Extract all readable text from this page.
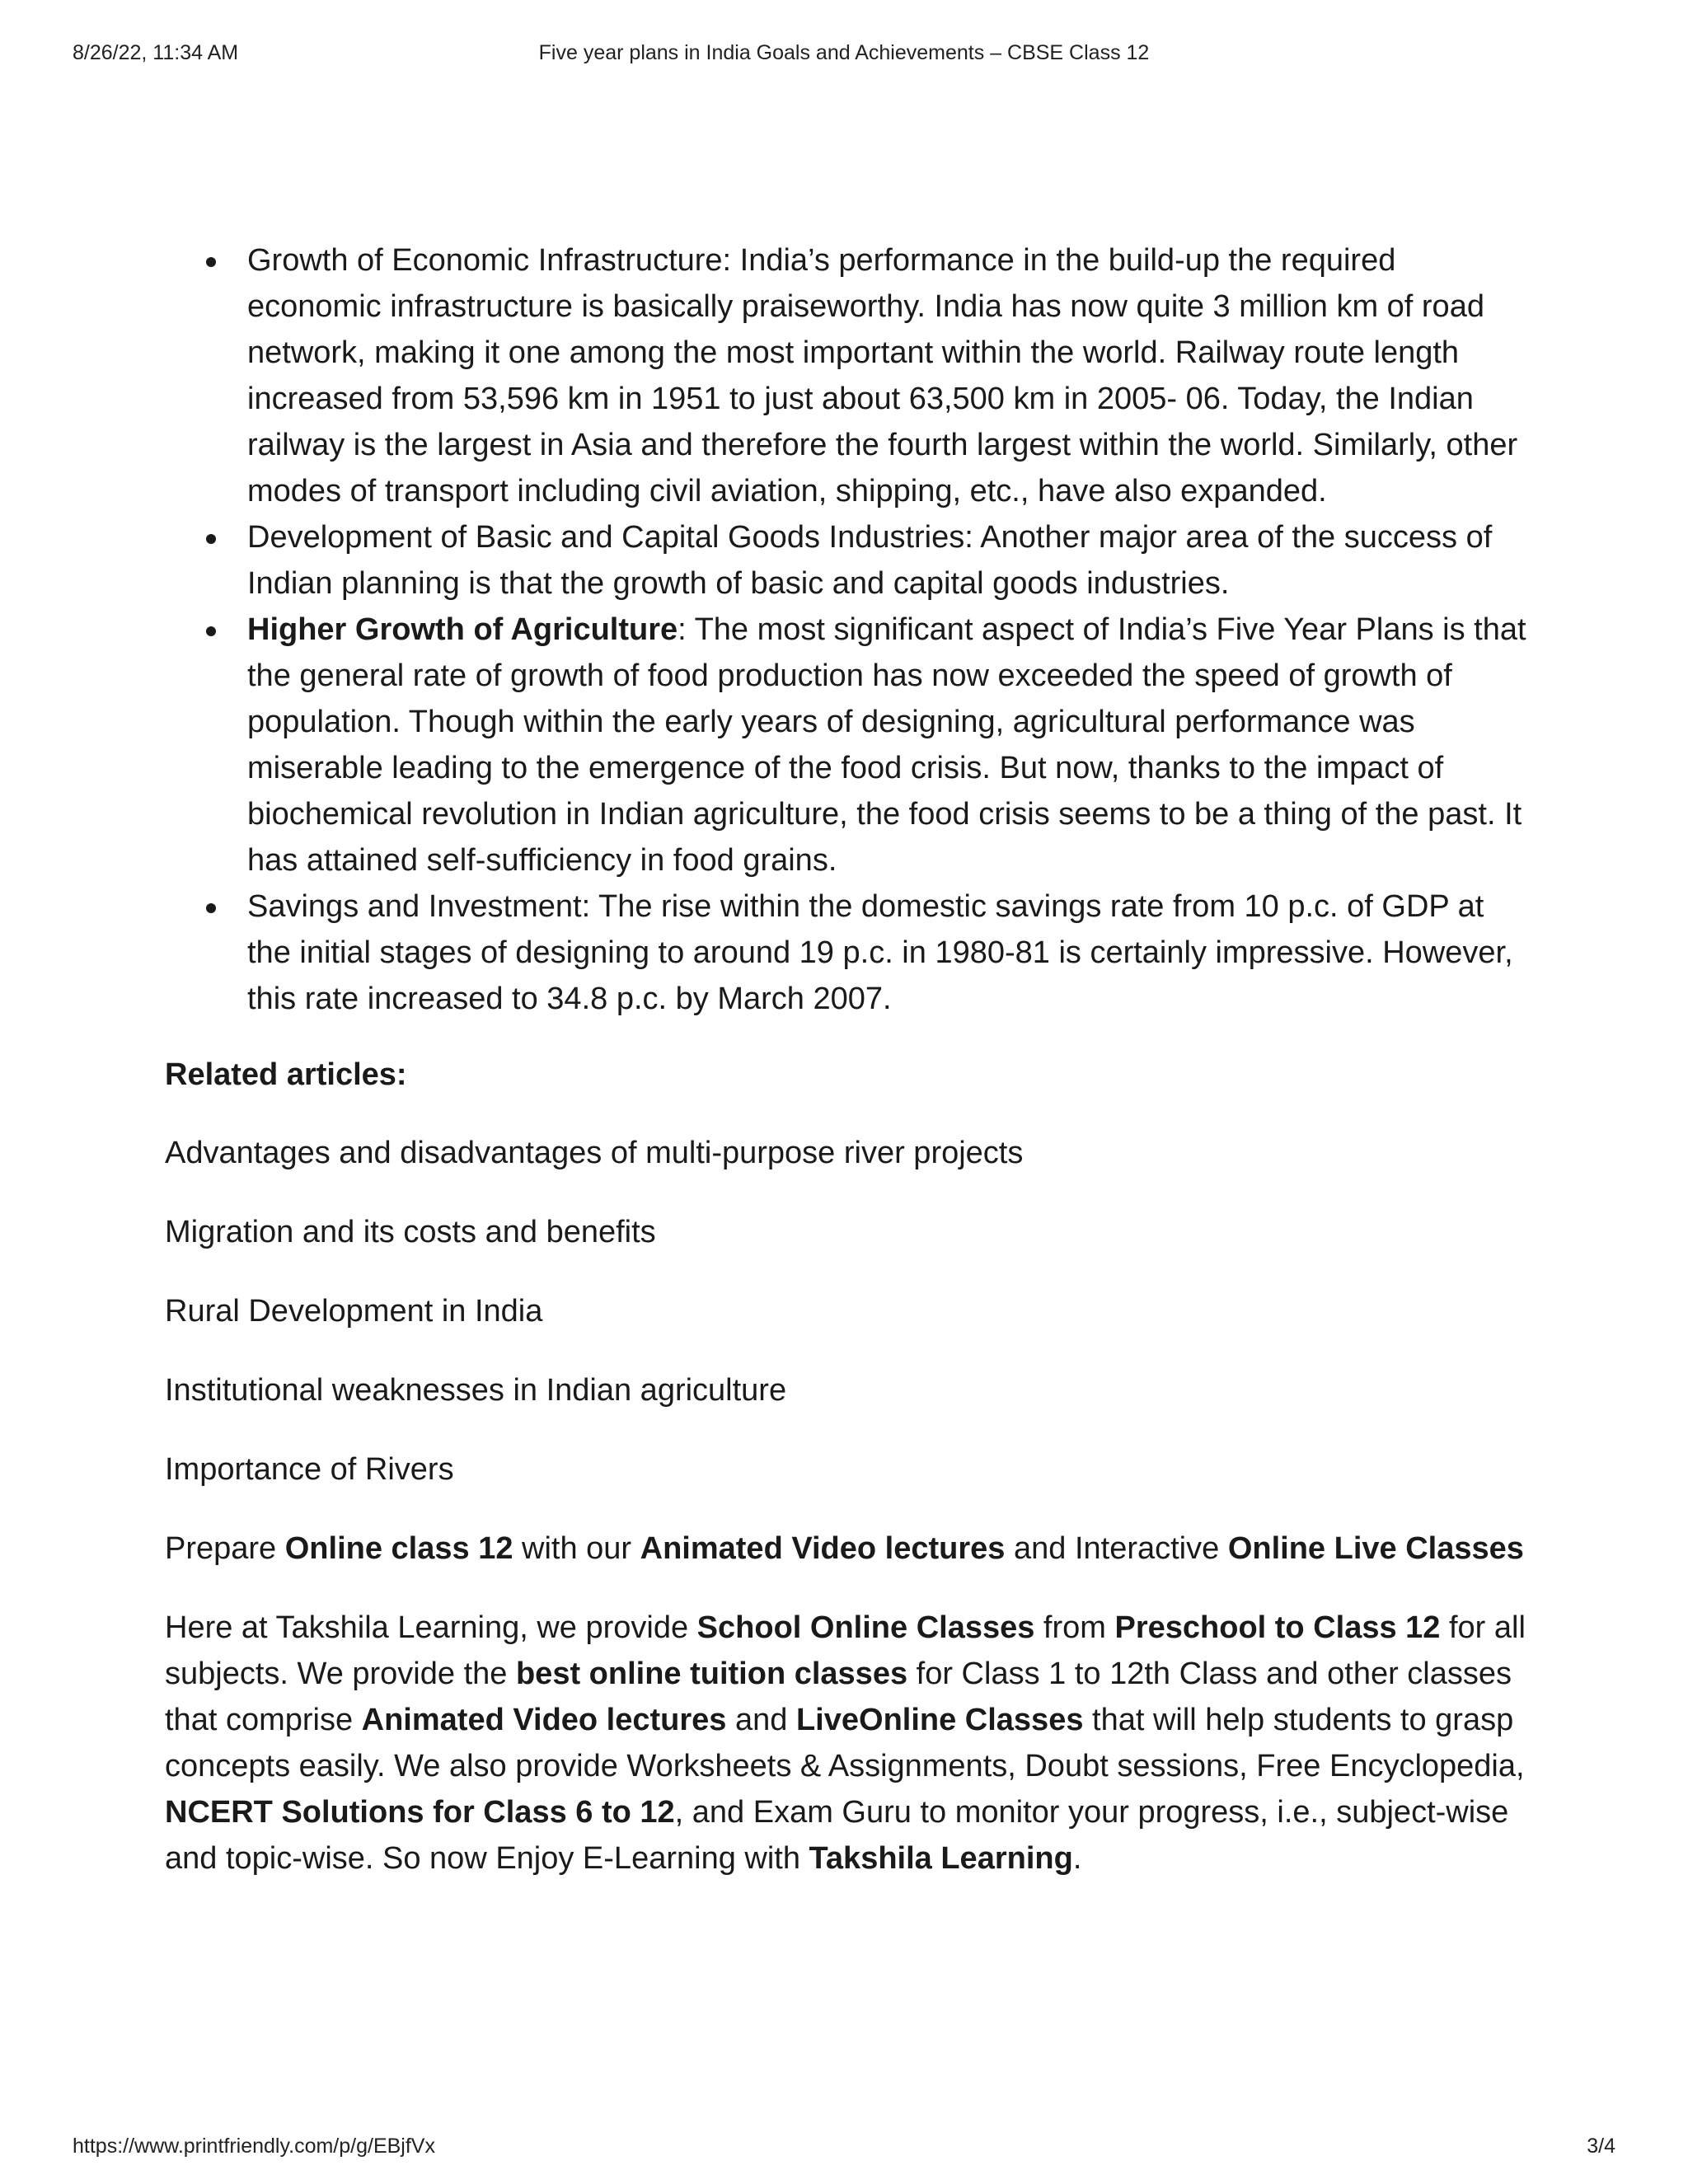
8/26/22, 11:34 AM	Five year plans in India Goals and Achievements – CBSE Class 12
Growth of Economic Infrastructure: India’s performance in the build-up the required economic infrastructure is basically praiseworthy. India has now quite 3 million km of road network, making it one among the most important within the world. Railway route length increased from 53,596 km in 1951 to just about 63,500 km in 2005- 06. Today, the Indian railway is the largest in Asia and therefore the fourth largest within the world. Similarly, other modes of transport including civil aviation, shipping, etc., have also expanded.
Development of Basic and Capital Goods Industries: Another major area of the success of Indian planning is that the growth of basic and capital goods industries.
Higher Growth of Agriculture: The most significant aspect of India’s Five Year Plans is that the general rate of growth of food production has now exceeded the speed of growth of population. Though within the early years of designing, agricultural performance was miserable leading to the emergence of the food crisis. But now, thanks to the impact of biochemical revolution in Indian agriculture, the food crisis seems to be a thing of the past. It has attained self-sufficiency in food grains.
Savings and Investment: The rise within the domestic savings rate from 10 p.c. of GDP at the initial stages of designing to around 19 p.c. in 1980-81 is certainly impressive. However, this rate increased to 34.8 p.c. by March 2007.

Related articles:

Advantages and disadvantages of multi-purpose river projects
Migration and its costs and benefits
Rural Development in India
Institutional weaknesses in Indian agriculture
Importance of Rivers

Prepare Online class 12 with our Animated Video lectures and Interactive Online Live Classes

Here at Takshila Learning, we provide School Online Classes from Preschool to Class 12 for all subjects. We provide the best online tuition classes for Class 1 to 12th Class and other classes that comprise Animated Video lectures and LiveOnline Classes that will help students to grasp concepts easily. We also provide Worksheets & Assignments, Doubt sessions, Free Encyclopedia, NCERT Solutions for Class 6 to 12, and Exam Guru to monitor your progress, i.e., subject-wise and topic-wise. So now Enjoy E-Learning with Takshila Learning.

https://www.printfriendly.com/p/g/EBjfVx	3/4
